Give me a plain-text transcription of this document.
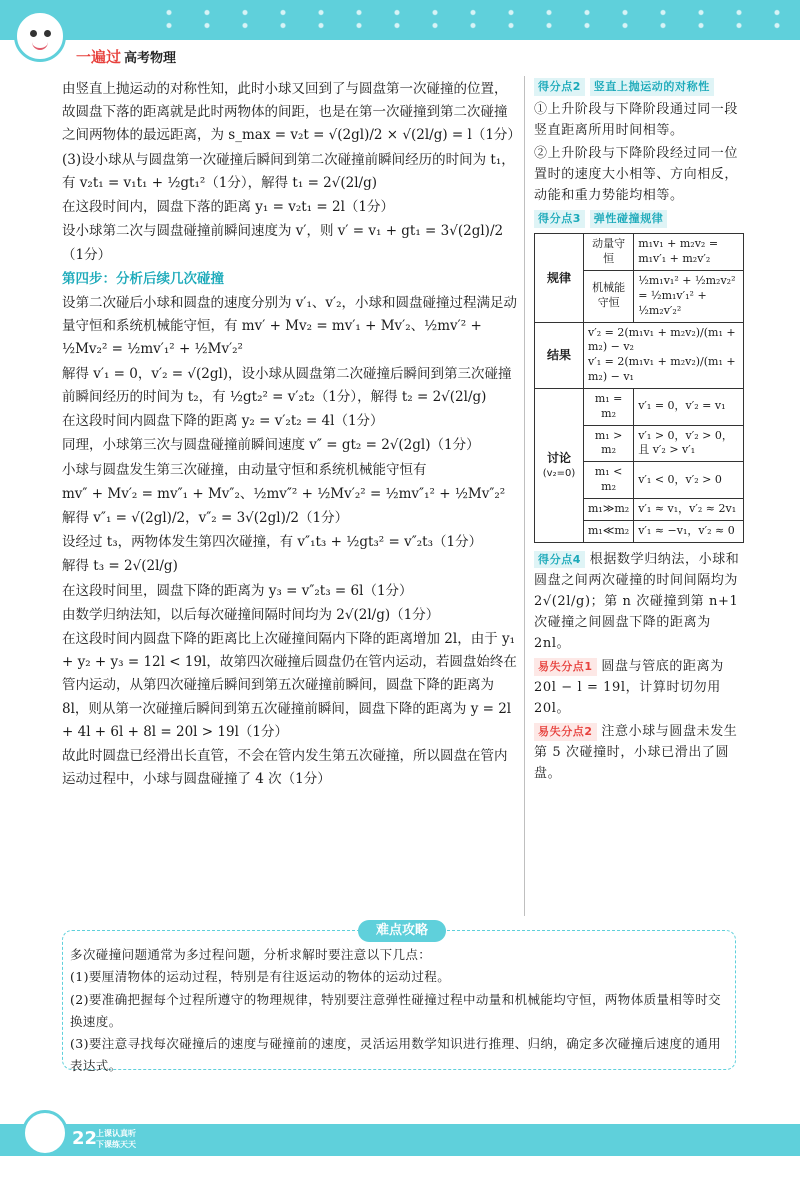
一遍过 高考物理

由竖直上抛运动的对称性知，此时小球又回到了与圆盘第一次碰撞的位置，故圆盘下落的距离就是此时两物体的间距，也是在第一次碰撞到第二次碰撞之间两物体的最远距离，为 s_max = v₂t = √(2gl)/2 × √(2l/g) = l（1分）

(3)设小球从与圆盘第一次碰撞后瞬间到第二次碰撞前瞬间经历的时间为 t₁，有 v₂t₁ = v₁t₁ + ½gt₁²（1分），解得 t₁ = 2√(2l/g)

在这段时间内，圆盘下落的距离 y₁ = v₂t₁ = 2l（1分）

设小球第二次与圆盘碰撞前瞬间速度为 v′，则 v′ = v₁ + gt₁ = 3√(2gl)/2（1分）

第四步：分析后续几次碰撞

设第二次碰后小球和圆盘的速度分别为 v′₁、v′₂，小球和圆盘碰撞过程满足动量守恒和系统机械能守恒，有 mv′ + Mv₂ = mv′₁ + Mv′₂、½mv′² + ½Mv₂² = ½mv′₁² + ½Mv′₂²

解得 v′₁ = 0，v′₂ = √(2gl)，设小球从圆盘第二次碰撞后瞬间到第三次碰撞前瞬间经历的时间为 t₂，有 ½gt₂² = v′₂t₂（1分），解得 t₂ = 2√(2l/g)

在这段时间内圆盘下降的距离 y₂ = v′₂t₂ = 4l（1分）

同理，小球第三次与圆盘碰撞前瞬间速度 v″ = gt₂ = 2√(2gl)（1分）

小球与圆盘发生第三次碰撞，由动量守恒和系统机械能守恒有

mv″ + Mv′₂ = mv″₁ + Mv″₂、½mv″² + ½Mv′₂² = ½mv″₁² + ½Mv″₂²

解得 v″₁ = √(2gl)/2，v″₂ = 3√(2gl)/2（1分）

设经过 t₃，两物体发生第四次碰撞，有 v″₁t₃ + ½gt₃² = v″₂t₃（1分）

解得 t₃ = 2√(2l/g)

在这段时间里，圆盘下降的距离为 y₃ = v″₂t₃ = 6l（1分）

由数学归纳法知，以后每次碰撞间隔时间均为 2√(2l/g)（1分）

在这段时间内圆盘下降的距离比上次碰撞间隔内下降的距离增加 2l，由于 y₁ + y₂ + y₃ = 12l < 19l，故第四次碰撞后圆盘仍在管内运动，若圆盘始终在管内运动，从第四次碰撞后瞬间到第五次碰撞前瞬间，圆盘下降的距离为 8l，则从第一次碰撞后瞬间到第五次碰撞前瞬间，圆盘下降的距离为 y = 2l + 4l + 6l + 8l = 20l > 19l（1分）

故此时圆盘已经滑出长直管，不会在管内发生第五次碰撞，所以圆盘在管内运动过程中，小球与圆盘碰撞了 4 次（1分）

得分点2 竖直上抛运动的对称性

①上升阶段与下降阶段通过同一段竖直距离所用时间相等。

②上升阶段与下降阶段经过同一位置时的速度大小相等、方向相反，动能和重力势能均相等。

得分点3 弹性碰撞规律

规律	动量守恒	m₁v₁ + m₂v₂ = m₁v′₁ + m₂v′₂
	机械能守恒	½m₁v₁² + ½m₂v₂² = ½m₁v′₁² + ½m₂v′₂²
结果	v′₂ = 2(m₁v₁ + m₂v₂)/(m₁ + m₂) − v₂
v′₁ = 2(m₁v₁ + m₂v₂)/(m₁ + m₂) − v₁	

讨论
(v₂=0)	m₁ = m₂	v′₁ = 0，v′₂ = v₁
	m₁ > m₂	v′₁ > 0，v′₂ > 0，且 v′₂ > v′₁
	m₁ < m₂	v′₁ < 0，v′₂ > 0
	m₁≫m₂	v′₁ ≈ v₁，v′₂ ≈ 2v₁
	m₁≪m₂	v′₁ ≈ −v₁，v′₂ ≈ 0

得分点4 根据数学归纳法，小球和圆盘之间两次碰撞的时间间隔均为 2√(2l/g)；第 n 次碰撞到第 n+1 次碰撞之间圆盘下降的距离为 2nl。

易失分点1 圆盘与管底的距离为 20l − l = 19l，计算时切勿用 20l。

易失分点2 注意小球与圆盘未发生第 5 次碰撞时，小球已滑出了圆盘。

难点攻略

多次碰撞问题通常为多过程问题，分析求解时要注意以下几点：

(1)要厘清物体的运动过程，特别是有往返运动的物体的运动过程。

(2)要准确把握每个过程所遵守的物理规律，特别要注意弹性碰撞过程中动量和机械能均守恒，两物体质量相等时交换速度。

(3)要注意寻找每次碰撞后的速度与碰撞前的速度，灵活运用数学知识进行推理、归纳，确定多次碰撞后速度的通用表达式。

22
上课认真听 下课练天天
